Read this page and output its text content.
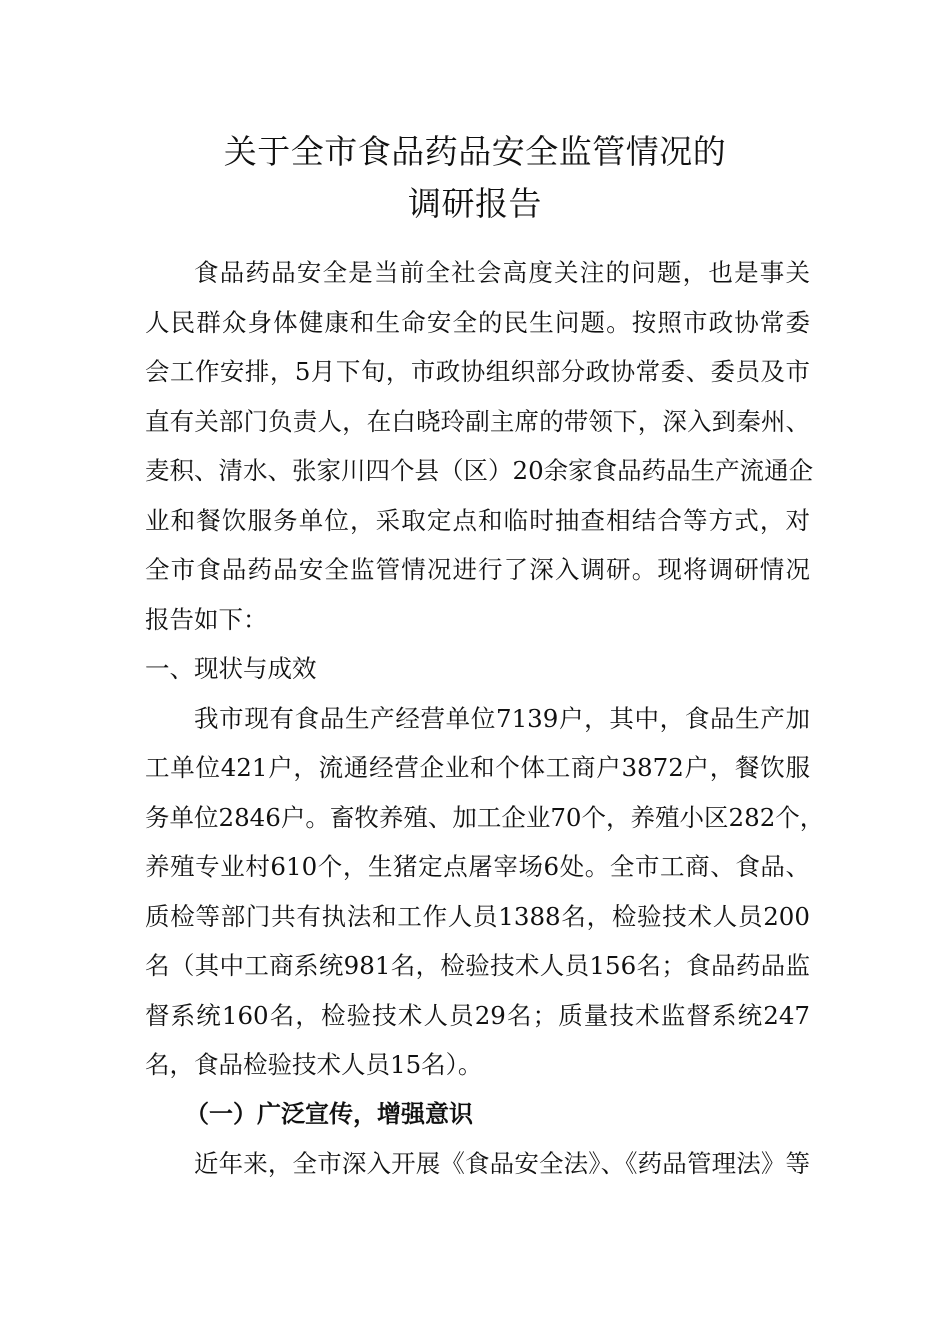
关于全市食品药品安全监管情况的
调研报告
食品药品安全是当前全社会高度关注的问题，也是事关
人民群众身体健康和生命安全的民生问题。按照市政协常委
会工作安排，5月下旬，市政协组织部分政协常委、委员及市
直有关部门负责人，在白晓玲副主席的带领下，深入到秦州、
麦积、清水、张家川四个县（区）20余家食品药品生产流通企
业和餐饮服务单位，采取定点和临时抽查相结合等方式，对
全市食品药品安全监管情况进行了深入调研。现将调研情况
报告如下：
一、现状与成效
我市现有食品生产经营单位7139户，其中，食品生产加
工单位421户，流通经营企业和个体工商户3872户，餐饮服
务单位2846户。畜牧养殖、加工企业70个，养殖小区282个，
养殖专业村610个，生猪定点屠宰场6处。全市工商、食品、
质检等部门共有执法和工作人员1388名，检验技术人员200
名（其中工商系统981名，检验技术人员156名；食品药品监
督系统160名，检验技术人员29名；质量技术监督系统247
名，食品检验技术人员15名）。
（一）广泛宣传，增强意识
近年来，全市深入开展《食品安全法》、《药品管理法》等
